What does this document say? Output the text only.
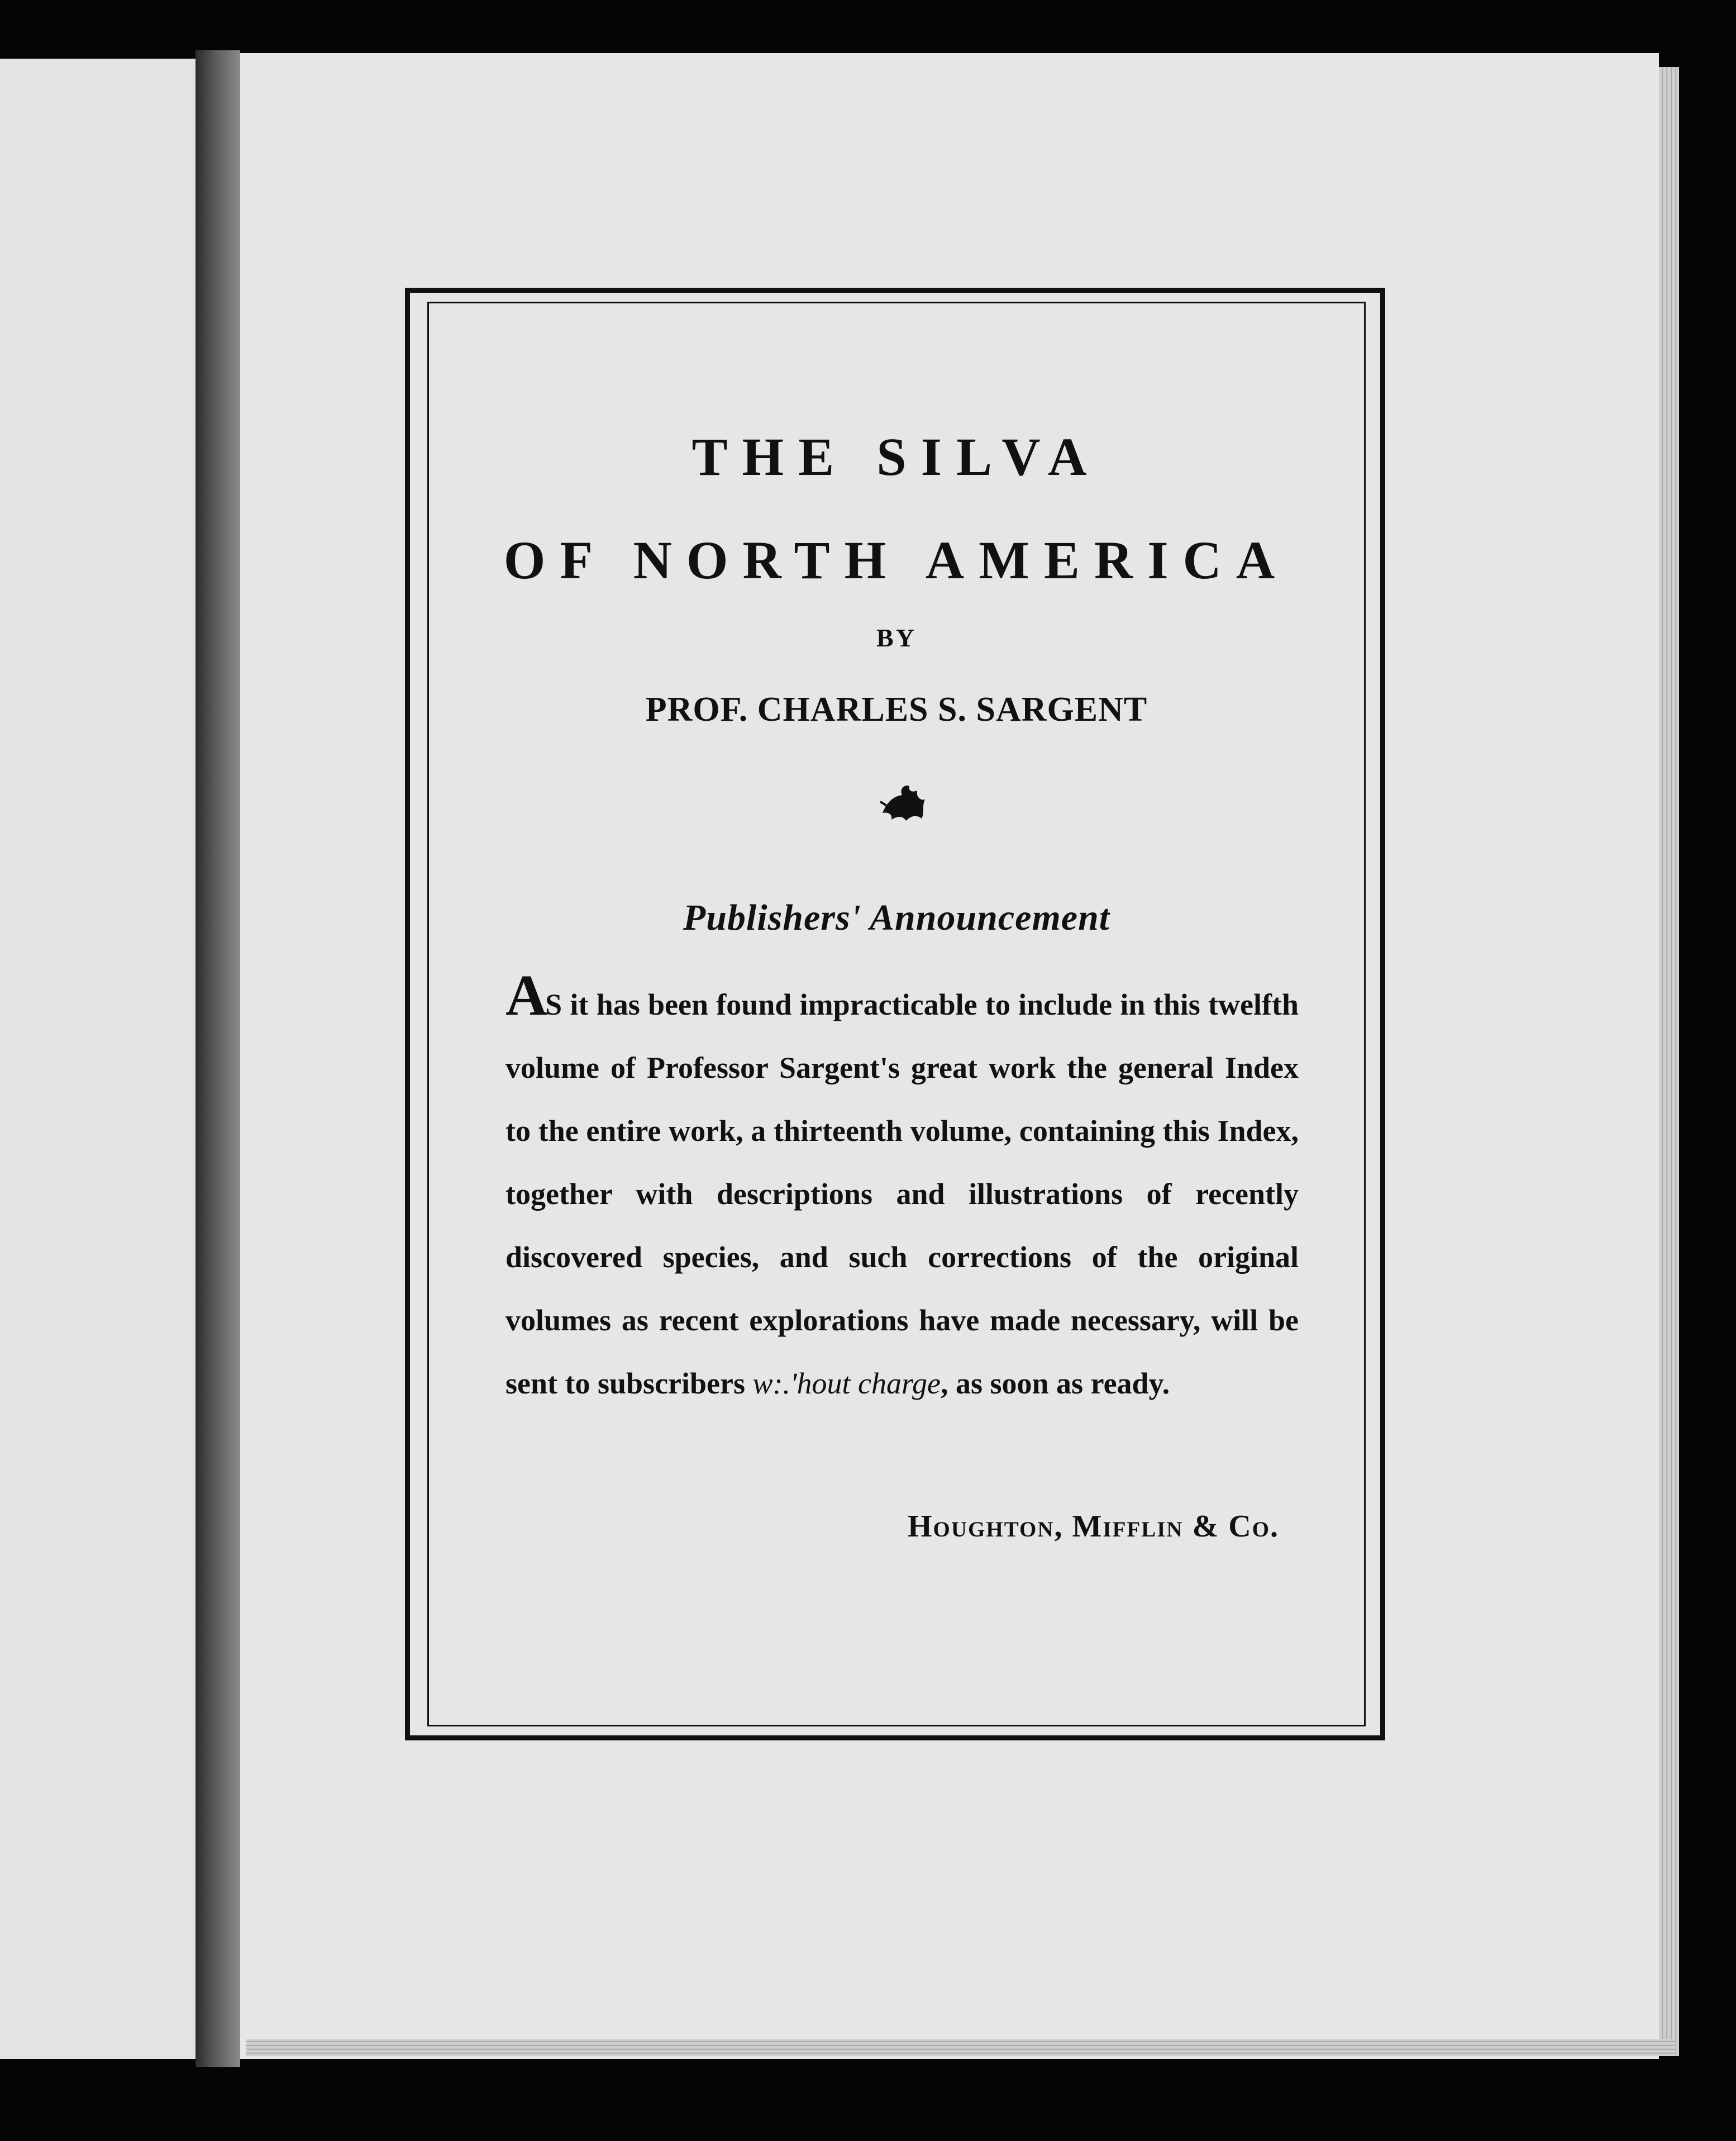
THE SILVA
OF NORTH AMERICA
BY
PROF. CHARLES S. SARGENT
Publishers' Announcement
AS it has been found impracticable to include in this twelfth volume of Professor Sargent's great work the general Index to the entire work, a thirteenth volume, containing this Index, together with descriptions and illustrations of recently discovered species, and such corrections of the original volumes as recent explorations have made necessary, will be sent to subscribers w:.'hout charge, as soon as ready.
Houghton, Mifflin & Co.
